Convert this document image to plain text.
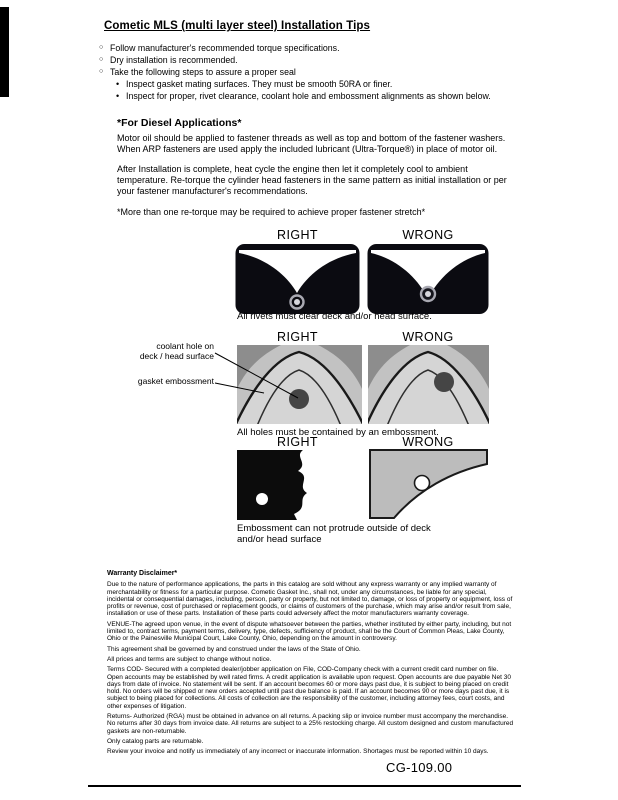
Cometic MLS (multi layer steel) Installation Tips
○ Follow manufacturer's recommended torque specifications.
○ Dry installation is recommended.
○ Take the following steps to assure a proper seal
• Inspect gasket mating surfaces. They must be smooth 50RA or finer.
• Inspect for proper, rivet clearance, coolant hole and embossment alignments as shown below.
*For Diesel Applications*

Motor oil should be applied to fastener threads as well as top and bottom of the fastener washers. When ARP fasteners are used apply the included lubricant (Ultra-Torque®) in place of motor oil.

After Installation is complete, heat cycle the engine then let it completely cool to ambient temperature. Re-torque the cylinder head fasteners in the same pattern as initial installation or per your fastener manufacturer's recommendations.

*More than one re-torque may be required to achieve proper fastener stretch*

RIGHT	WRONG
All rivets must clear deck and/or head surface.
RIGHT	WRONG
coolant hole on
deck / head surface
gasket embossment
All holes must be contained by an embossment.
RIGHT	WRONG
Embossment can not protrude outside of deck
and/or head surface
Warranty Disclaimer*

Due to the nature of performance applications, the parts in this catalog are sold without any express warranty or any implied warranty of merchantability or fitness for a particular purpose. Cometic Gasket Inc., shall not, under any circumstances, be liable for any special, incidental or consequential damages, including, person, party or property, but not limited to, damage, or loss of property or equipment, loss of profits or revenue, cost of purchased or replacement goods, or claims of customers of the purchase, which may arise and/or result from sale, installation or use of these parts. Installation of these parts could adversely affect the motor manufacturers warranty coverage.

VENUE-The agreed upon venue, in the event of dispute whatsoever between the parties, whether instituted by either party, including, but not limited to, contract terms, payment terms, delivery, type, defects, sufficiency of product, shall be the Court of Common Pleas, Lake County, Ohio or the Painesville Municipal Court, Lake County, Ohio, depending on the amount in controversy.

This agreement shall be governed by and construed under the laws of the State of Ohio.

All prices and terms are subject to change without notice.

Terms COD- Secured with a completed dealer/jobber application on File, COD-Company check with a current credit card number on file. Open accounts may be established by well rated firms. A credit application is available upon request. Open accounts are due payable Net 30 days from date of invoice. No statement will be sent. If an account becomes 60 or more days past due, it is subject to being placed on credit hold. No orders will be shipped or new orders accepted until past due balance is paid. If an account becomes 90 or more days past due, it is subject to being placed for collections. All costs of collection are the responsibility of the customer, including attorney fees, court costs, and other expenses of litigation.

Returns- Authorized (RGA) must be obtained in advance on all returns. A packing slip or invoice number must accompany the merchandise. No returns after 30 days from invoice date. All returns are subject to a 25% restocking charge. All custom designed and custom manufactured gaskets are non-returnable.

Only catalog parts are returnable.

Review your invoice and notify us immediately of any incorrect or inaccurate information. Shortages must be reported within 10 days.

CG-109.00
